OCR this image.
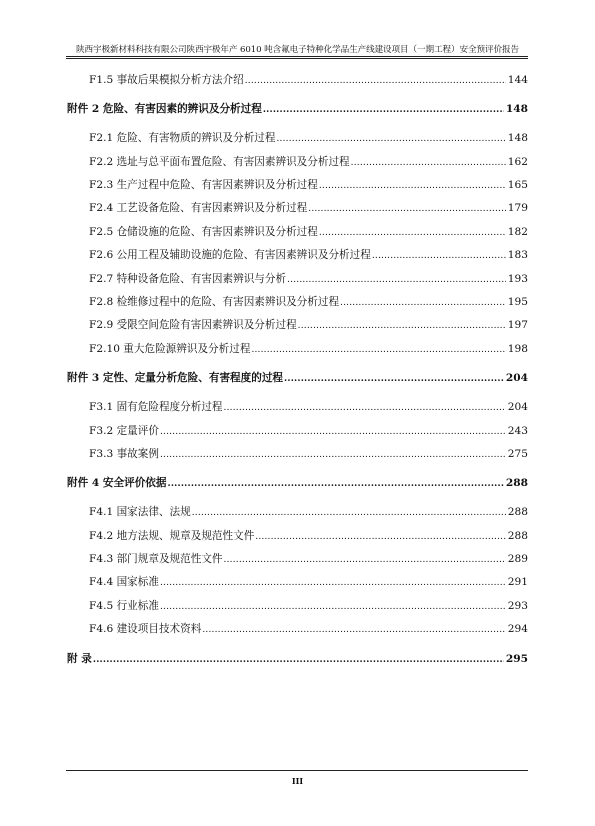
陕西宇极新材料科技有限公司陕西宇极年产 6010 吨含氟电子特种化学品生产线建设项目（一期工程）安全预评价报告
F1.5 事故后果模拟分析方法介绍 .....	144
附件 2 危险、有害因素的辨识及分析过程 .....	148
F2.1 危险、有害物质的辨识及分析过程 .....	148
F2.2 选址与总平面布置危险、有害因素辨识及分析过程 .....	162
F2.3 生产过程中危险、有害因素辨识及分析过程 .....	165
F2.4 工艺设备危险、有害因素辨识及分析过程 .....	179
F2.5 仓储设施的危险、有害因素辨识及分析过程 .....	182
F2.6 公用工程及辅助设施的危险、有害因素辨识及分析过程 .....	183
F2.7 特种设备危险、有害因素辨识与分析 .....	193
F2.8 检维修过程中的危险、有害因素辨识及分析过程 .....	195
F2.9 受限空间危险有害因素辨识及分析过程 .....	197
F2.10 重大危险源辨识及分析过程 .....	198
附件 3 定性、定量分析危险、有害程度的过程 .....	204
F3.1 固有危险程度分析过程 .....	204
F3.2 定量评价 .....	243
F3.3 事故案例 .....	275
附件 4 安全评价依据 .....	288
F4.1 国家法律、法规 .....	288
F4.2 地方法规、规章及规范性文件 .....	288
F4.3 部门规章及规范性文件 .....	289
F4.4 国家标准 .....	291
F4.5 行业标准 .....	293
F4.6 建设项目技术资料 .....	294
附 录 .....	295
III
